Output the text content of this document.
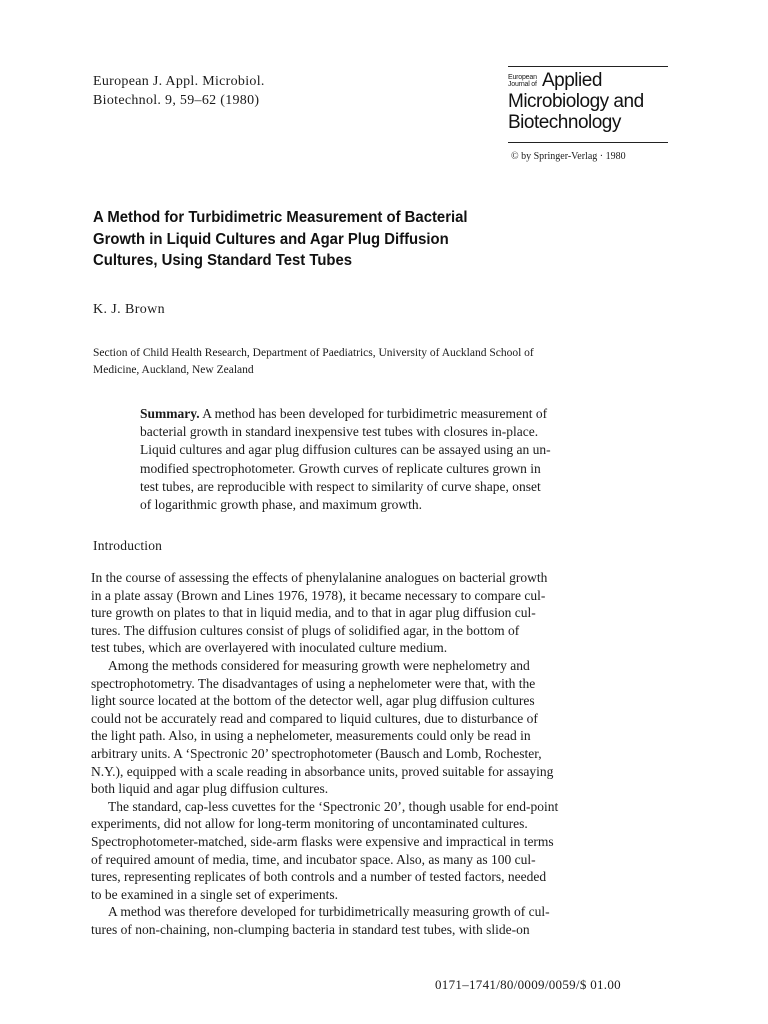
European J. Appl. Microbiol.
Biotechnol. 9, 59–62 (1980)
European
Journal of Applied
Microbiology and
Biotechnology
© by Springer-Verlag · 1980
A Method for Turbidimetric Measurement of Bacterial
Growth in Liquid Cultures and Agar Plug Diffusion
Cultures, Using Standard Test Tubes
K. J. Brown
Section of Child Health Research, Department of Paediatrics, University of Auckland School of
Medicine, Auckland, New Zealand
Summary. A method has been developed for turbidimetric measurement of
bacterial growth in standard inexpensive test tubes with closures in-place.
Liquid cultures and agar plug diffusion cultures can be assayed using an un-
modified spectrophotometer. Growth curves of replicate cultures grown in
test tubes, are reproducible with respect to similarity of curve shape, onset
of logarithmic growth phase, and maximum growth.
Introduction
In the course of assessing the effects of phenylalanine analogues on bacterial growth
in a plate assay (Brown and Lines 1976, 1978), it became necessary to compare cul-
ture growth on plates to that in liquid media, and to that in agar plug diffusion cul-
tures. The diffusion cultures consist of plugs of solidified agar, in the bottom of
test tubes, which are overlayered with inoculated culture medium.
Among the methods considered for measuring growth were nephelometry and
spectrophotometry. The disadvantages of using a nephelometer were that, with the
light source located at the bottom of the detector well, agar plug diffusion cultures
could not be accurately read and compared to liquid cultures, due to disturbance of
the light path. Also, in using a nephelometer, measurements could only be read in
arbitrary units. A ‘Spectronic 20’ spectrophotometer (Bausch and Lomb, Rochester,
N.Y.), equipped with a scale reading in absorbance units, proved suitable for assaying
both liquid and agar plug diffusion cultures.
The standard, cap-less cuvettes for the ‘Spectronic 20’, though usable for end-point
experiments, did not allow for long-term monitoring of uncontaminated cultures.
Spectrophotometer-matched, side-arm flasks were expensive and impractical in terms
of required amount of media, time, and incubator space. Also, as many as 100 cul-
tures, representing replicates of both controls and a number of tested factors, needed
to be examined in a single set of experiments.
A method was therefore developed for turbidimetrically measuring growth of cul-
tures of non-chaining, non-clumping bacteria in standard test tubes, with slide-on
0171–1741/80/0009/0059/$ 01.00
